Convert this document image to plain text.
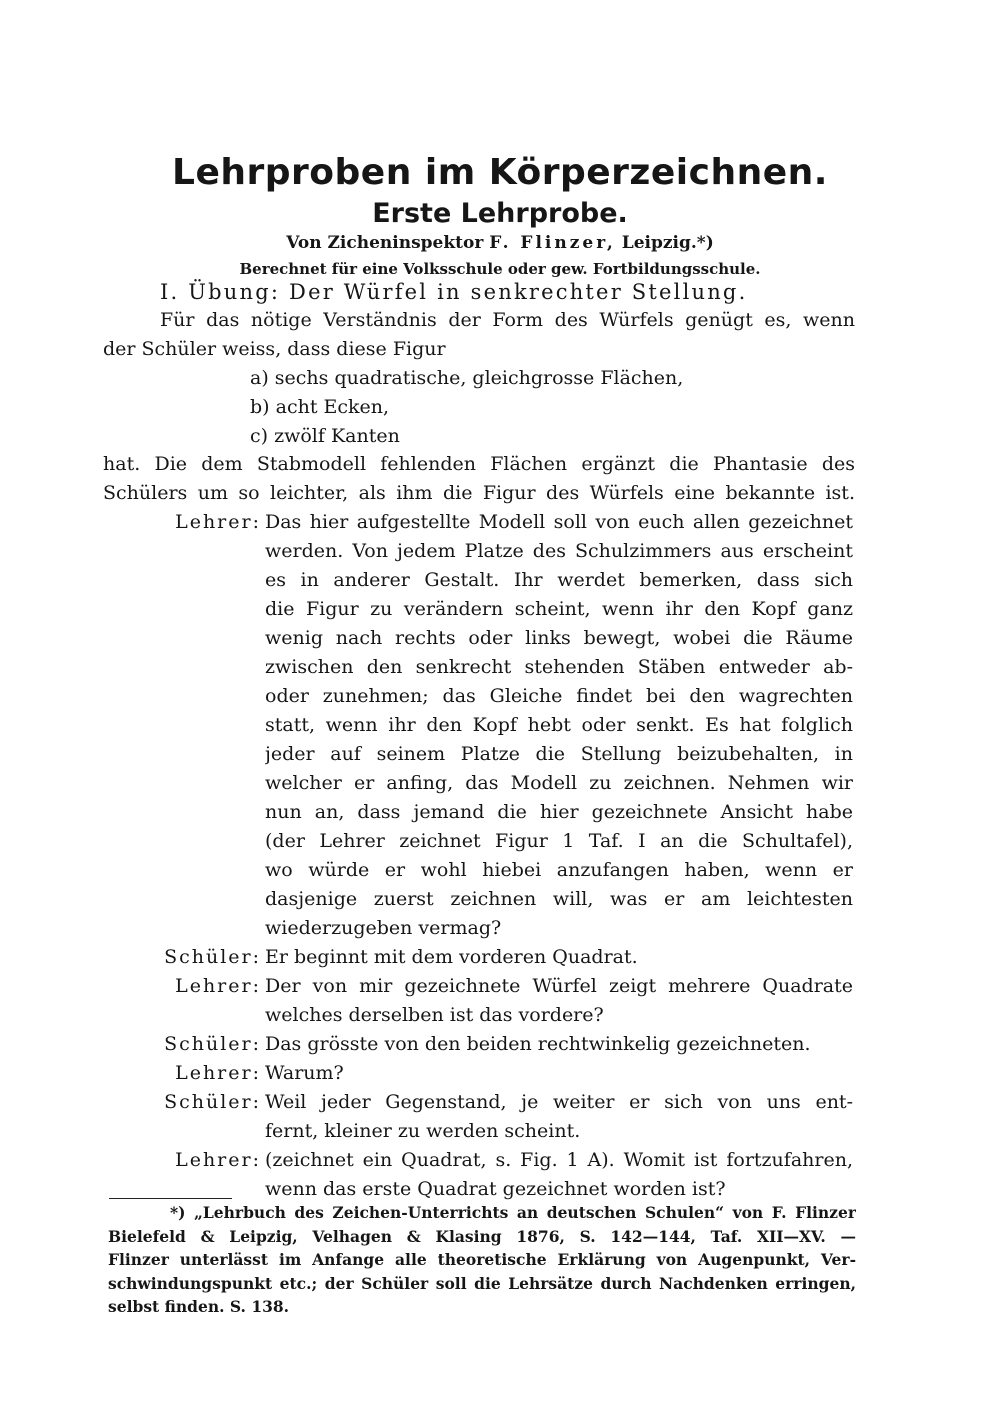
Lehrproben im Körperzeichnen.
Erste Lehrprobe.
Von Zicheninspektor F. Flinzer, Leipzig.*)
Berechnet für eine Volksschule oder gew. Fortbildungsschule.
I. Übung: Der Würfel in senkrechter Stellung.
Für das nötige Verständnis der Form des Würfels genügt es, wenn
der Schüler weiss, dass diese Figur
a) sechs quadratische, gleichgrosse Flächen,
b) acht Ecken,
c) zwölf Kanten
hat. Die dem Stabmodell fehlenden Flächen ergänzt die Phantasie des
Schülers um so leichter, als ihm die Figur des Würfels eine bekannte ist.
Lehrer: Das hier aufgestellte Modell soll von euch allen gezeichnet
werden. Von jedem Platze des Schulzimmers aus erscheint
es in anderer Gestalt. Ihr werdet bemerken, dass sich
die Figur zu verändern scheint, wenn ihr den Kopf ganz
wenig nach rechts oder links bewegt, wobei die Räume
zwischen den senkrecht stehenden Stäben entweder ab-
oder zunehmen; das Gleiche findet bei den wagrechten
statt, wenn ihr den Kopf hebt oder senkt. Es hat folglich
jeder auf seinem Platze die Stellung beizubehalten, in
welcher er anfing, das Modell zu zeichnen. Nehmen wir
nun an, dass jemand die hier gezeichnete Ansicht habe
(der Lehrer zeichnet Figur 1 Taf. I an die Schultafel),
wo würde er wohl hiebei anzufangen haben, wenn er
dasjenige zuerst zeichnen will, was er am leichtesten
wiederzugeben vermag?
Schüler: Er beginnt mit dem vorderen Quadrat.
Lehrer: Der von mir gezeichnete Würfel zeigt mehrere Quadrate
welches derselben ist das vordere?
Schüler: Das grösste von den beiden rechtwinkelig gezeichneten.
Lehrer: Warum?
Schüler: Weil jeder Gegenstand, je weiter er sich von uns ent-
fernt, kleiner zu werden scheint.
Lehrer: (zeichnet ein Quadrat, s. Fig. 1 A). Womit ist fortzufahren,
wenn das erste Quadrat gezeichnet worden ist?
*) „Lehrbuch des Zeichen-Unterrichts an deutschen Schulen“ von F. Flinzer
Bielefeld & Leipzig, Velhagen & Klasing 1876, S. 142—144, Taf. XII—XV. —
Flinzer unterlässt im Anfange alle theoretische Erklärung von Augenpunkt, Ver-
schwindungspunkt etc.; der Schüler soll die Lehrsätze durch Nachdenken erringen,
selbst finden. S. 138.
